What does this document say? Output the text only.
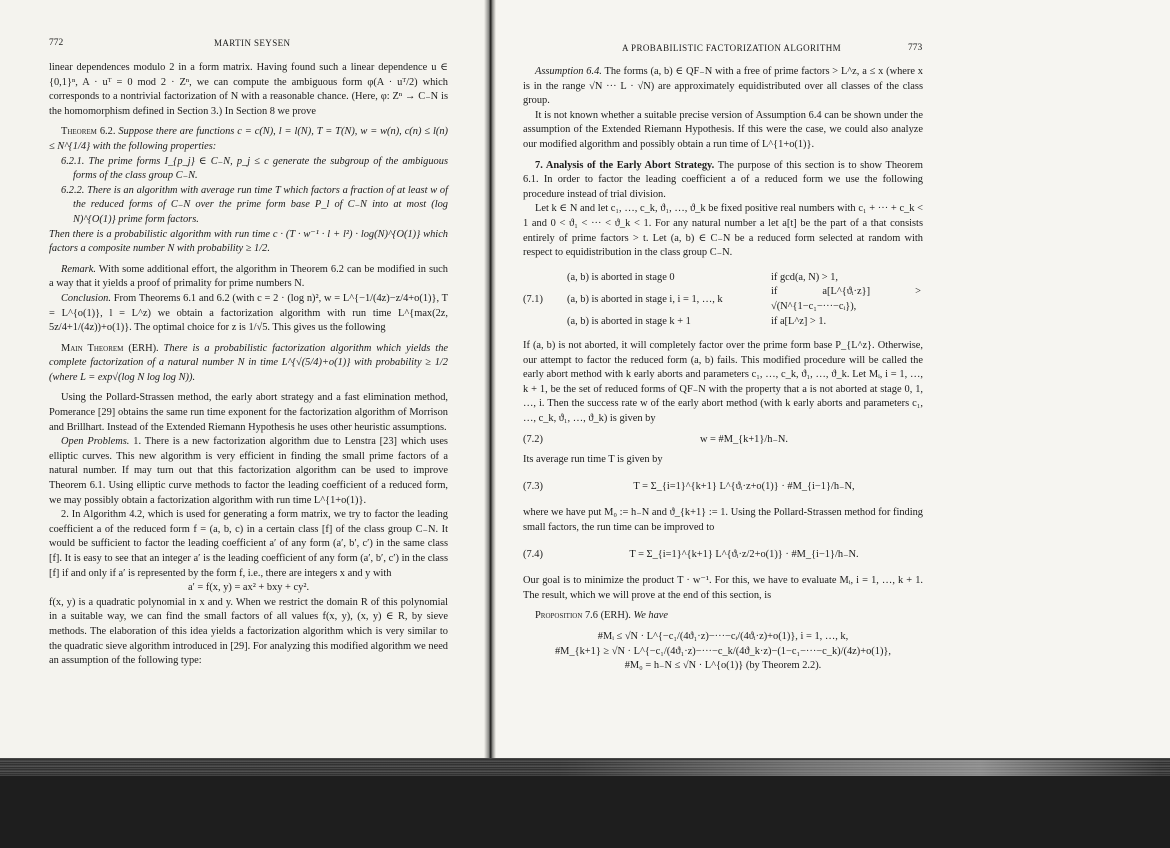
772	MARTIN SEYSEN

linear dependences modulo 2 in a form matrix. Having found such a linear dependence u ∈ {0,1}ⁿ, A · uᵀ = 0 mod 2 · Zⁿ, we can compute the ambiguous form φ(A · uᵀ/2) which corresponds to a nontrivial factorization of N with a reasonable chance. (Here, φ: Zⁿ → C₋N is the homomorphism defined in Section 3.) In Section 8 we prove

Theorem 6.2. Suppose there are functions c = c(N), l = l(N), T = T(N), w = w(n), c(n) ≤ l(n) ≤ N^{1/4} with the following properties:

6.2.1. The prime forms I_{p_j} ∈ C₋N, p_j ≤ c generate the subgroup of the ambiguous forms of the class group C₋N.

6.2.2. There is an algorithm with average run time T which factors a fraction of at least w of the reduced forms of C₋N over the prime form base P_l of C₋N into at most (log N)^{O(1)} prime form factors.

Then there is a probabilistic algorithm with run time c · (T · w⁻¹ · l + l²) · log(N)^{O(1)} which factors a composite number N with probability ≥ 1/2.

Remark. With some additional effort, the algorithm in Theorem 6.2 can be modified in such a way that it yields a proof of primality for prime numbers N.

Conclusion. From Theorems 6.1 and 6.2 (with c = 2 · (log n)², w = L^{−1/(4z)−z/4+o(1)}, T = L^{o(1)}, l = L^z) we obtain a factorization algorithm with run time L^{max(2z, 5z/4+1/(4z))+o(1)}. The optimal choice for z is 1/√5. This gives us the following

Main Theorem (ERH). There is a probabilistic factorization algorithm which yields the complete factorization of a natural number N in time L^{√(5/4)+o(1)} with probability ≥ 1/2 (where L = exp√(log N log log N)).

Using the Pollard-Strassen method, the early abort strategy and a fast elimination method, Pomerance [29] obtains the same run time exponent for the factorization algorithm of Morrison and Brillhart. Instead of the Extended Riemann Hypothesis he uses other heuristic assumptions.

Open Problems. 1. There is a new factorization algorithm due to Lenstra [23] which uses elliptic curves. This new algorithm is very efficient in finding the small prime factors of a natural number. If may turn out that this factorization algorithm can be used to improve Theorem 6.1. Using elliptic curve methods to factor the leading coefficient of a reduced form, we may possibly obtain a factorization algorithm with run time L^{1+o(1)}.

2. In Algorithm 4.2, which is used for generating a form matrix, we try to factor the leading coefficient a of the reduced form f = (a, b, c) in a certain class [f] of the class group C₋N. It would be sufficient to factor the leading coefficient a′ of any form (a′, b′, c′) in the same class [f]. It is easy to see that an integer a′ is the leading coefficient of any form (a′, b′, c′) in the class [f] if and only if a′ is represented by the form f, i.e., there are integers x and y with

a′ = f(x, y) = ax² + bxy + cy².

f(x, y) is a quadratic polynomial in x and y. When we restrict the domain R of this polynomial in a suitable way, we can find the small factors of all values f(x, y), (x, y) ∈ R, by sieve methods. The elaboration of this idea yields a factorization algorithm which is very similar to the quadratic sieve algorithm introduced in [29]. For analyzing this modified algorithm we need an assumption of the following type:

A PROBABILISTIC FACTORIZATION ALGORITHM	773

Assumption 6.4. The forms (a, b) ∈ QF₋N with a free of prime factors > L^z, a ≤ x (where x is in the range √N ··· L · √N) are approximately equidistributed over all classes of the class group.

It is not known whether a suitable precise version of Assumption 6.4 can be shown under the assumption of the Extended Riemann Hypothesis. If this were the case, we could also analyze our modified algorithm and possibly obtain a run time of L^{1+o(1)}.

7. Analysis of the Early Abort Strategy. The purpose of this section is to show Theorem 6.1. In order to factor the leading coefficient a of a reduced form we use the following procedure instead of trial division.

Let k ∈ N and let c₁, …, c_k, ϑ₁, …, ϑ_k be fixed positive real numbers with c₁ + ··· + c_k < 1 and 0 < ϑ₁ < ··· < ϑ_k < 1. For any natural number a let a[t] be the part of a that consists entirely of prime factors > t. Let (a, b) ∈ C₋N be a reduced form selected at random with respect to equidistribution in the class group C₋N.

(7.1)
(a, b) is aborted in stage 0	if gcd(a, N) > 1,
(a, b) is aborted in stage i, i = 1, …, k	if a[L^{ϑᵢ·z}] > √(N^{1−c₁−···−cᵢ}),
(a, b) is aborted in stage k + 1	if a[L^z] > 1.

If (a, b) is not aborted, it will completely factor over the prime form base P_{L^z}. Otherwise, our attempt to factor the reduced form (a, b) fails. This modified procedure will be called the early abort method with k early aborts and parameters c₁, …, c_k, ϑ₁, …, ϑ_k. Let Mᵢ, i = 1, …, k + 1, be the set of reduced forms of QF₋N with the property that a is not aborted at stage 0, 1, …, i. Then the success rate w of the early abort method (with k early aborts and parameters c₁, …, c_k, ϑ₁, …, ϑ_k) is given by

(7.2)	w = #M_{k+1}/h₋N.

Its average run time T is given by

(7.3)	T = Σ_{i=1}^{k+1} L^{ϑᵢ·z+o(1)} · #M_{i−1}/h₋N,

where we have put M₀ := h₋N and ϑ_{k+1} := 1. Using the Pollard-Strassen method for finding small factors, the run time can be improved to

(7.4)	T = Σ_{i=1}^{k+1} L^{ϑᵢ·z/2+o(1)} · #M_{i−1}/h₋N.

Our goal is to minimize the product T · w⁻¹. For this, we have to evaluate Mᵢ, i = 1, …, k + 1. The result, which we will prove at the end of this section, is

Proposition 7.6 (ERH). We have

#Mᵢ ≤ √N · L^{−c₁/(4ϑ₁·z)−···−cᵢ/(4ϑᵢ·z)+o(1)}, i = 1, …, k,

#M_{k+1} ≥ √N · L^{−c₁/(4ϑ₁·z)−···−c_k/(4ϑ_k·z)−(1−c₁−···−c_k)/(4z)+o(1)},

#M₀ = h₋N ≤ √N · L^{o(1)} (by Theorem 2.2).
